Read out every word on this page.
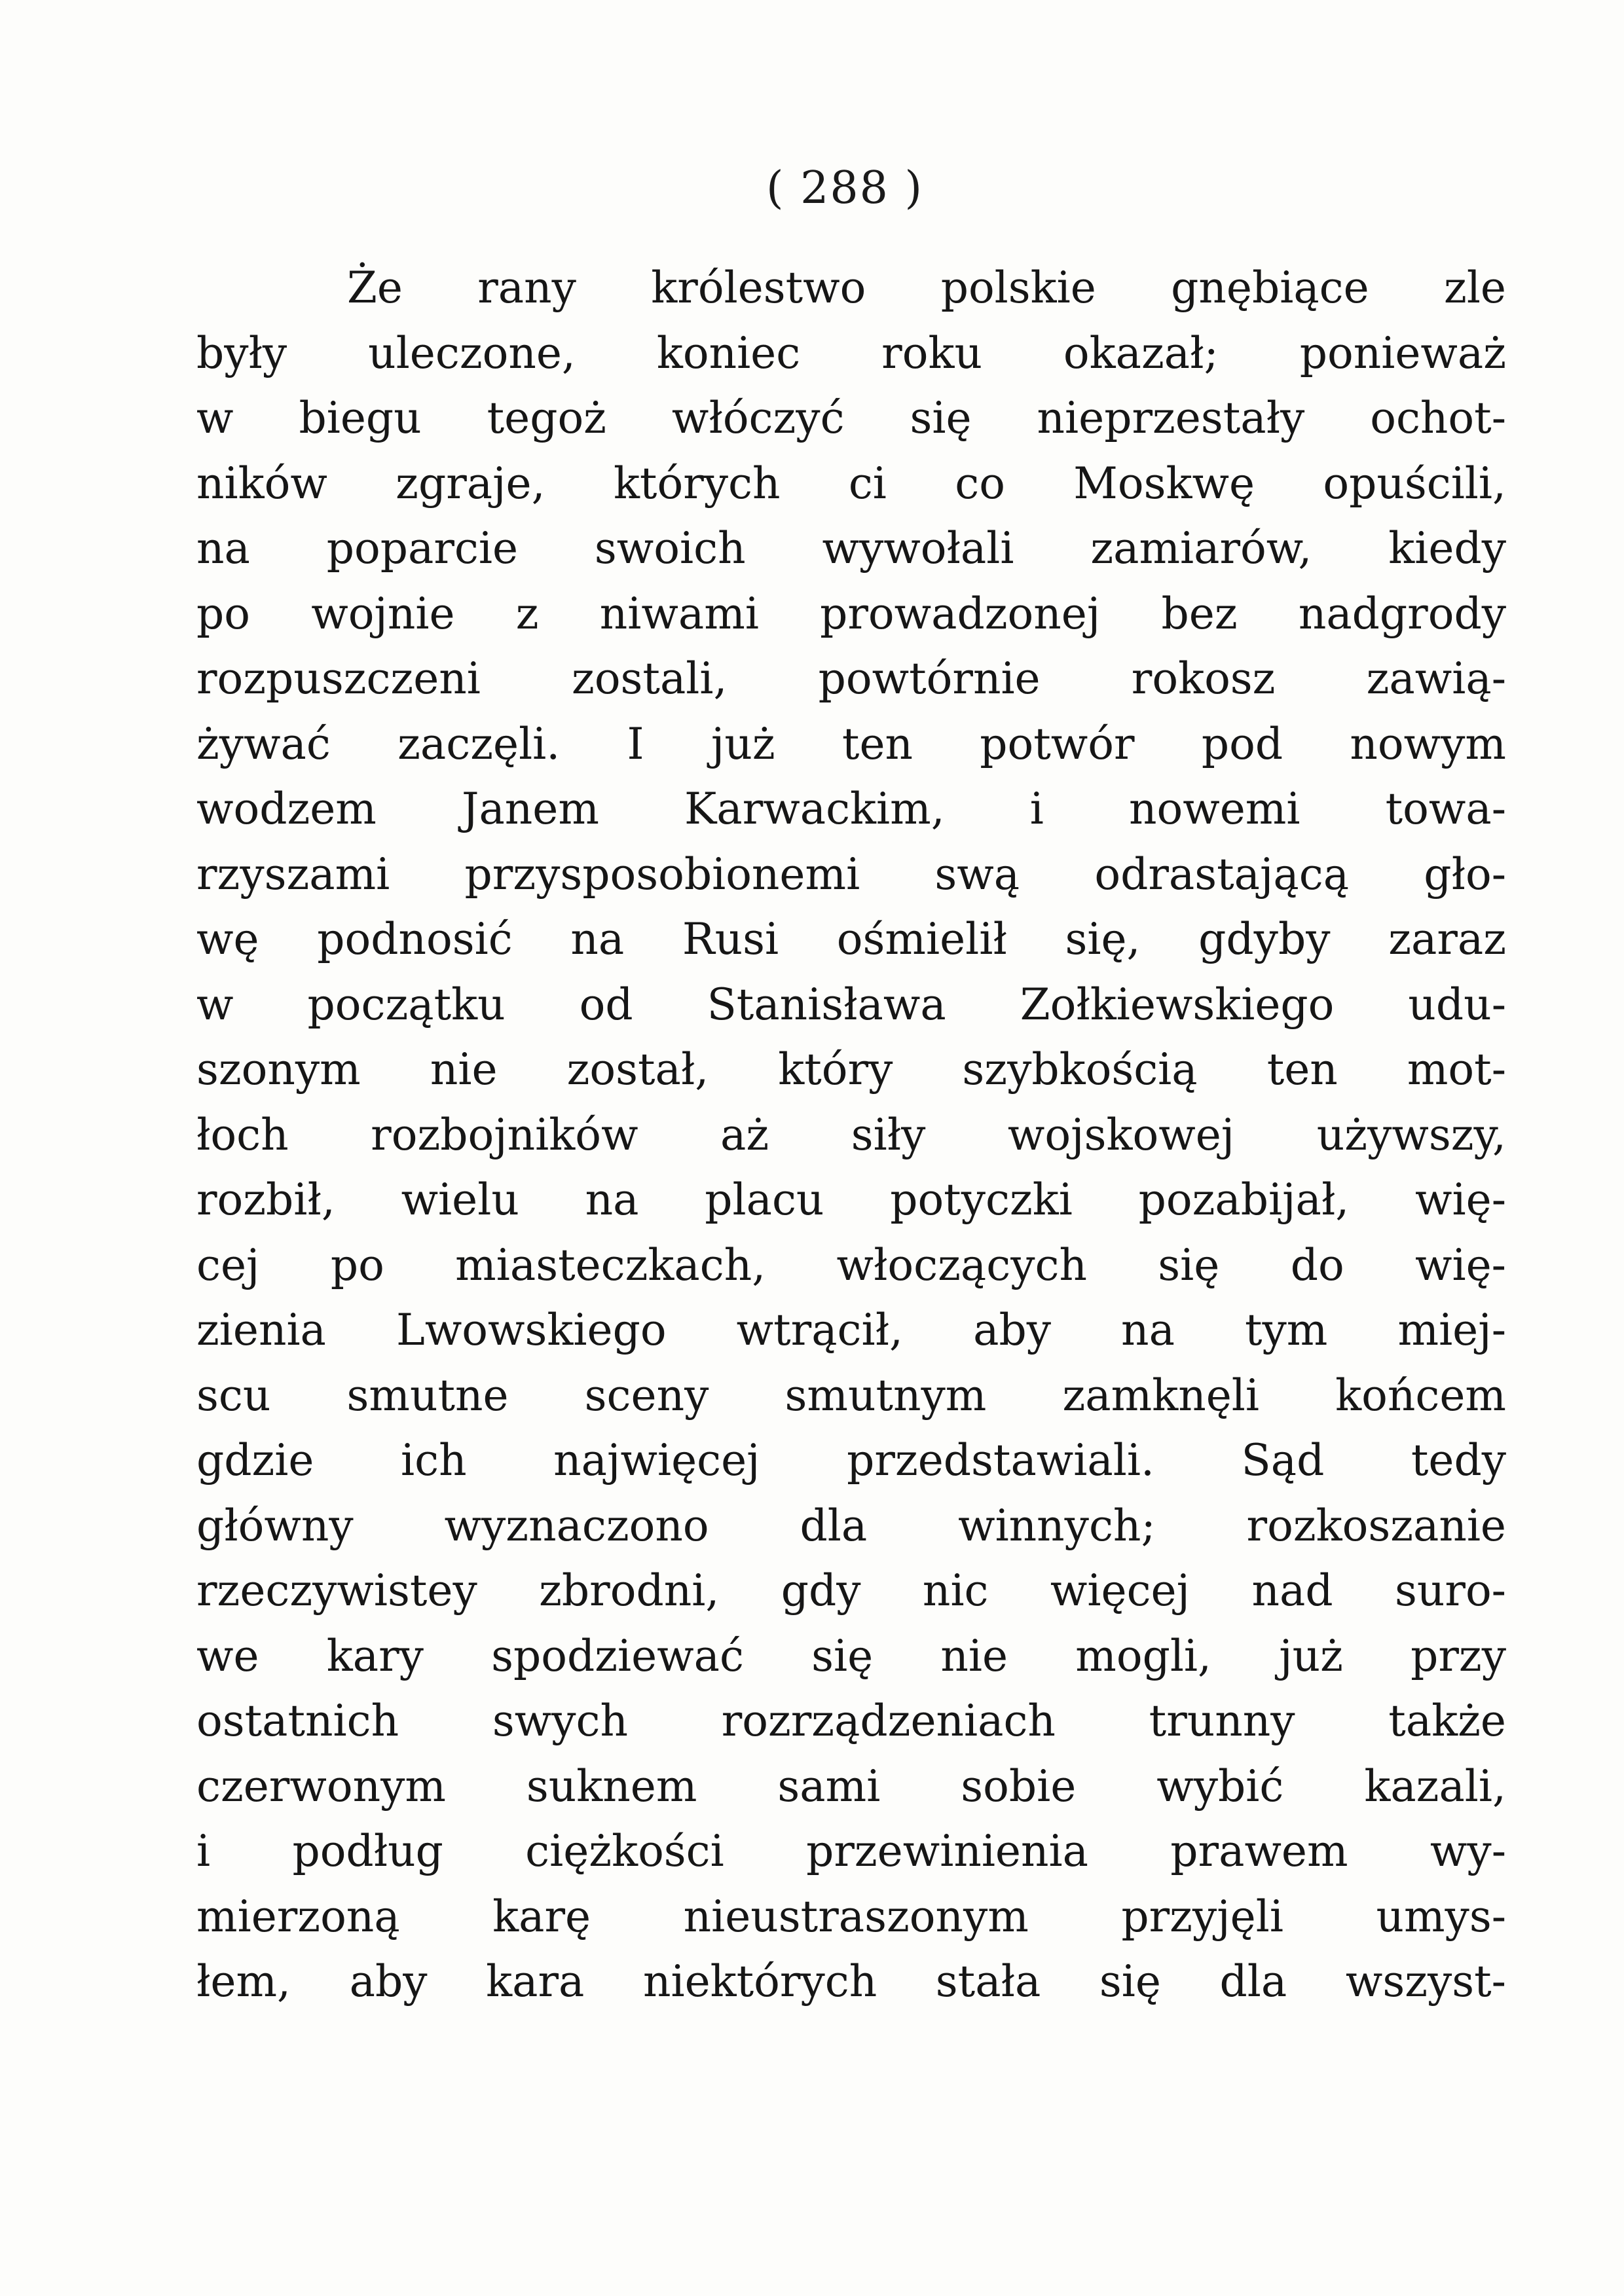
( 288 )
Że rany królestwo polskie gnębiące zle
były uleczone, koniec roku okazał; ponieważ
w biegu tegoż włóczyć się nieprzestały ochot-
ników zgraje, których ci co Moskwę opuścili,
na poparcie swoich wywołali zamiarów, kiedy
po wojnie z niwami prowadzonej bez nadgrody
rozpuszczeni zostali, powtórnie rokosz zawią-
żywać zaczęli. I już ten potwór pod nowym
wodzem Janem Karwackim, i nowemi towa-
rzyszami przysposobionemi swą odrastającą gło-
wę podnosić na Rusi ośmielił się, gdyby zaraz
w początku od Stanisława Zołkiewskiego udu-
szonym nie został, który szybkością ten mot-
łoch rozbojników aż siły wojskowej używszy,
rozbił, wielu na placu potyczki pozabijał, wię-
cej po miasteczkach, włoczących się do wię-
zienia Lwowskiego wtrącił, aby na tym miej-
scu smutne sceny smutnym zamknęli końcem
gdzie ich najwięcej przedstawiali. Sąd tedy
główny wyznaczono dla winnych; rozkoszanie
rzeczywistey zbrodni, gdy nic więcej nad suro-
we kary spodziewać się nie mogli, już przy
ostatnich swych rozrządzeniach trunny także
czerwonym suknem sami sobie wybić kazali,
i podług ciężkości przewinienia prawem wy-
mierzoną karę nieustraszonym przyjęli umys-
łem, aby kara niektórych stała się dla wszyst-
